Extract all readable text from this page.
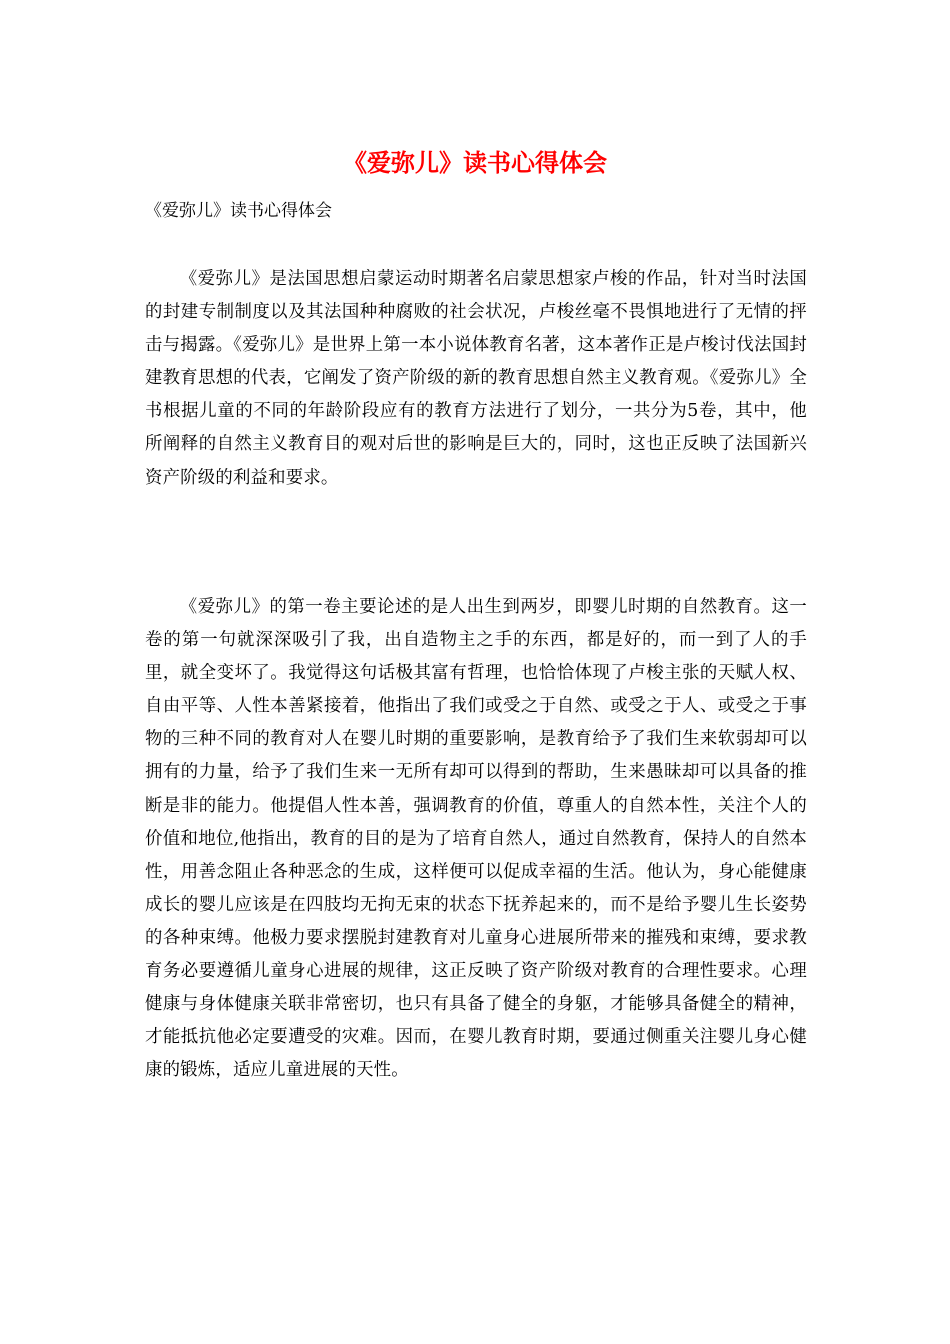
《爱弥儿》读书心得体会

《爱弥儿》读书心得体会

《爱弥儿》是法国思想启蒙运动时期著名启蒙思想家卢梭的作品，针对当时法国的封建专制制度以及其法国种种腐败的社会状况，卢梭丝毫不畏惧地进行了无情的抨击与揭露。《爱弥儿》是世界上第一本小说体教育名著，这本著作正是卢梭讨伐法国封建教育思想的代表，它阐发了资产阶级的新的教育思想自然主义教育观。《爱弥儿》全书根据儿童的不同的年龄阶段应有的教育方法进行了划分，一共分为5卷，其中，他所阐释的自然主义教育目的观对后世的影响是巨大的，同时，这也正反映了法国新兴资产阶级的利益和要求。

《爱弥儿》的第一卷主要论述的是人出生到两岁，即婴儿时期的自然教育。这一卷的第一句就深深吸引了我，出自造物主之手的东西，都是好的，而一到了人的手里，就全变坏了。我觉得这句话极其富有哲理，也恰恰体现了卢梭主张的天赋人权、自由平等、人性本善紧接着，他指出了我们或受之于自然、或受之于人、或受之于事物的三种不同的教育对人在婴儿时期的重要影响，是教育给予了我们生来软弱却可以拥有的力量，给予了我们生来一无所有却可以得到的帮助，生来愚昧却可以具备的推断是非的能力。他提倡人性本善，强调教育的价值，尊重人的自然本性，关注个人的价值和地位,他指出，教育的目的是为了培育自然人，通过自然教育，保持人的自然本性，用善念阻止各种恶念的生成，这样便可以促成幸福的生活。他认为，身心能健康成长的婴儿应该是在四肢均无拘无束的状态下抚养起来的，而不是给予婴儿生长姿势的各种束缚。他极力要求摆脱封建教育对儿童身心进展所带来的摧残和束缚，要求教育务必要遵循儿童身心进展的规律，这正反映了资产阶级对教育的合理性要求。心理健康与身体健康关联非常密切，也只有具备了健全的身躯，才能够具备健全的精神，才能抵抗他必定要遭受的灾难。因而，在婴儿教育时期，要通过侧重关注婴儿身心健康的锻炼，适应儿童进展的天性。
